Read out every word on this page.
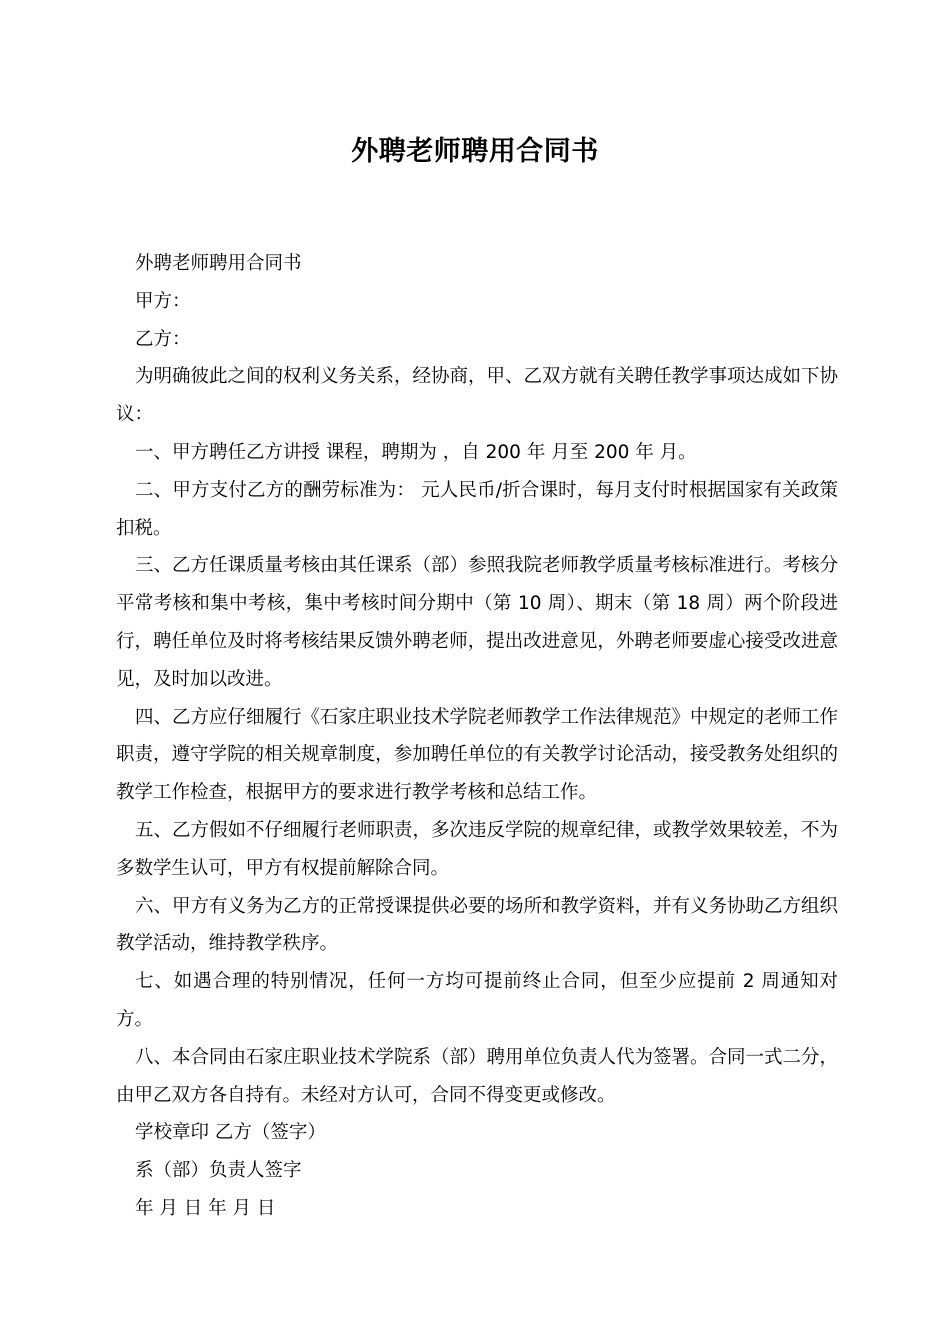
外聘老师聘用合同书

外聘老师聘用合同书

甲方：

乙方：

为明确彼此之间的权利义务关系，经协商，甲、乙双方就有关聘任教学事项达成如下协议：

一、甲方聘任乙方讲授 课程，聘期为 ，自 200 年 月至 200 年 月。

二、甲方支付乙方的酬劳标准为： 元人民币/折合课时，每月支付时根据国家有关政策扣税。

三、乙方任课质量考核由其任课系（部）参照我院老师教学质量考核标准进行。考核分平常考核和集中考核，集中考核时间分期中（第 10 周）、期末（第 18 周）两个阶段进行，聘任单位及时将考核结果反馈外聘老师，提出改进意见，外聘老师要虚心接受改进意见，及时加以改进。

四、乙方应仔细履行《石家庄职业技术学院老师教学工作法律规范》中规定的老师工作职责，遵守学院的相关规章制度，参加聘任单位的有关教学讨论活动，接受教务处组织的教学工作检查，根据甲方的要求进行教学考核和总结工作。

五、乙方假如不仔细履行老师职责，多次违反学院的规章纪律，或教学效果较差，不为多数学生认可，甲方有权提前解除合同。

六、甲方有义务为乙方的正常授课提供必要的场所和教学资料，并有义务协助乙方组织教学活动，维持教学秩序。

七、如遇合理的特别情况，任何一方均可提前终止合同，但至少应提前 2 周通知对方。

八、本合同由石家庄职业技术学院系（部）聘用单位负责人代为签署。合同一式二分，由甲乙双方各自持有。未经对方认可，合同不得变更或修改。

学校章印 乙方（签字）

系（部）负责人签字

年 月 日 年 月 日
